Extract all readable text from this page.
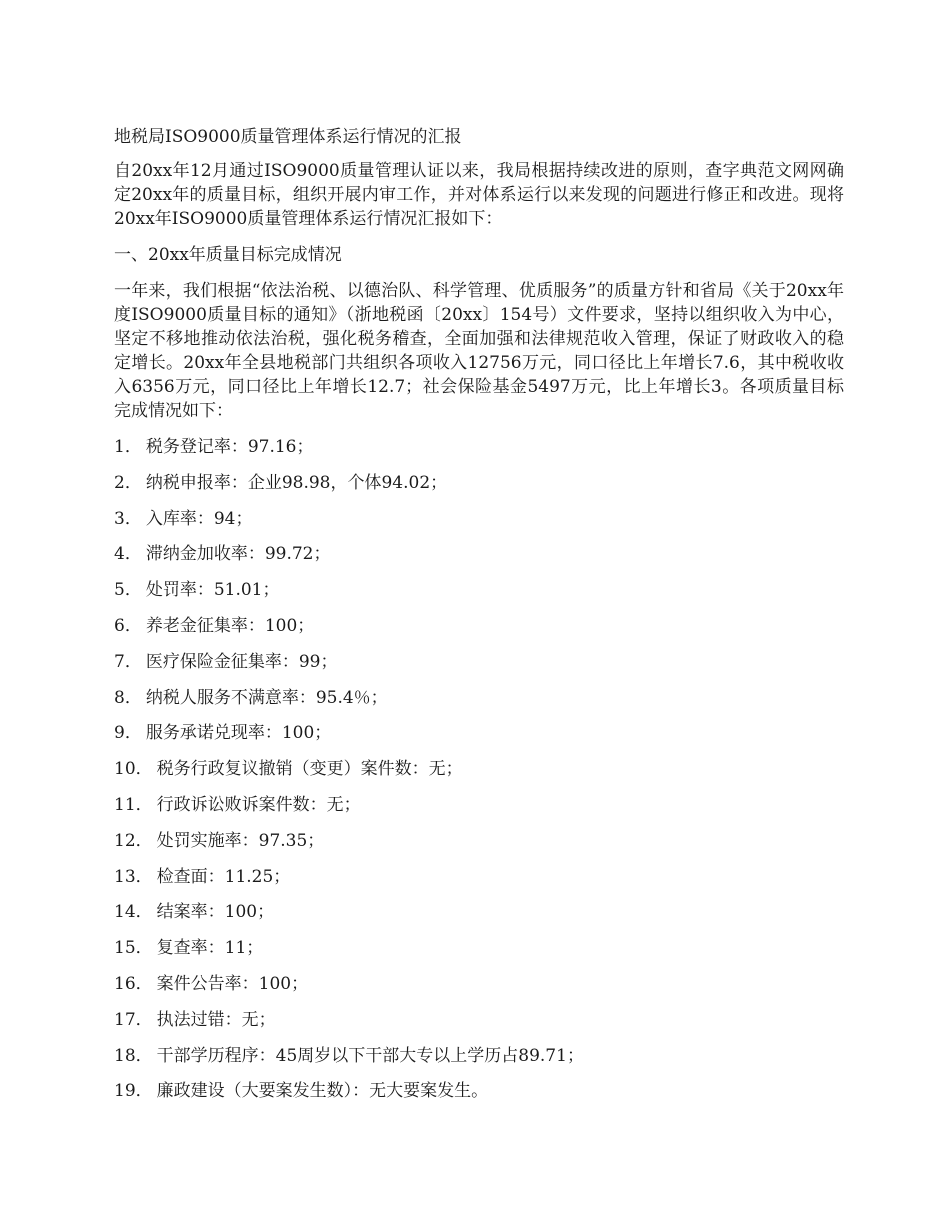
地税局ISO9000质量管理体系运行情况的汇报

自20xx年12月通过ISO9000质量管理认证以来，我局根据持续改进的原则，查字典范文网网确定20xx年的质量目标，组织开展内审工作，并对体系运行以来发现的问题进行修正和改进。现将20xx年ISO9000质量管理体系运行情况汇报如下：

一、20xx年质量目标完成情况

一年来，我们根据“依法治税、以德治队、科学管理、优质服务”的质量方针和省局《关于20xx年度ISO9000质量目标的通知》（浙地税函〔20xx〕154号）文件要求，坚持以组织收入为中心，坚定不移地推动依法治税，强化税务稽查，全面加强和法律规范收入管理，保证了财政收入的稳定增长。20xx年全县地税部门共组织各项收入12756万元，同口径比上年增长7.6，其中税收收入6356万元，同口径比上年增长12.7；社会保险基金5497万元，比上年增长3。各项质量目标完成情况如下：

1． 税务登记率：97.16；
2． 纳税申报率：企业98.98，个体94.02；
3． 入库率：94；
4． 滞纳金加收率：99.72；
5． 处罚率：51.01；
6． 养老金征集率：100；
7． 医疗保险金征集率：99；
8． 纳税人服务不满意率：95.4％；
9． 服务承诺兑现率：100；
10． 税务行政复议撤销（变更）案件数：无；
11． 行政诉讼败诉案件数：无；
12． 处罚实施率：97.35；
13． 检查面：11.25；
14． 结案率：100；
15． 复查率：11；
16． 案件公告率：100；
17． 执法过错：无；
18． 干部学历程序：45周岁以下干部大专以上学历占89.71；
19． 廉政建设（大要案发生数）：无大要案发生。
